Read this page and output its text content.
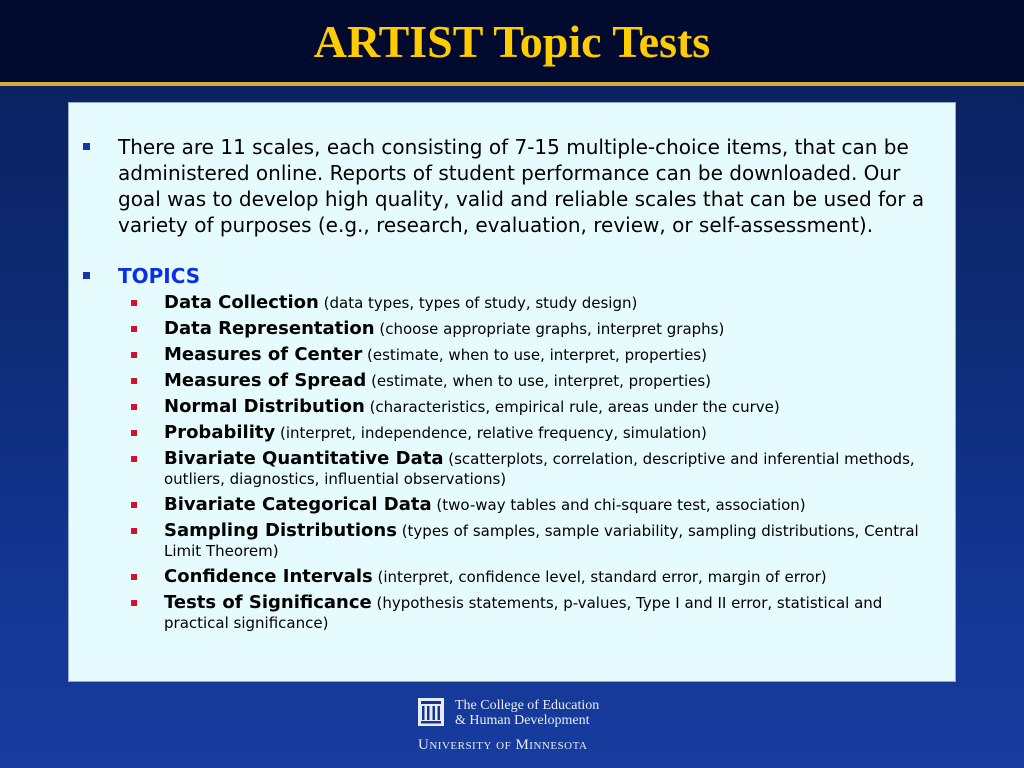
ARTIST Topic Tests
There are 11 scales, each consisting of 7-15 multiple-choice items, that can be administered online. Reports of student performance can be downloaded. Our goal was to develop high quality, valid and reliable scales that can be used for a variety of purposes (e.g., research, evaluation, review, or self-assessment).
TOPICS
Data Collection (data types, types of study, study design)
Data Representation (choose appropriate graphs, interpret graphs)
Measures of Center (estimate, when to use, interpret, properties)
Measures of Spread (estimate, when to use, interpret, properties)
Normal Distribution (characteristics, empirical rule, areas under the curve)
Probability (interpret, independence, relative frequency, simulation)
Bivariate Quantitative Data (scatterplots, correlation, descriptive and inferential methods, outliers, diagnostics, influential observations)
Bivariate Categorical Data (two-way tables and chi-square test, association)
Sampling Distributions (types of samples, sample variability, sampling distributions, Central Limit Theorem)
Confidence Intervals (interpret, confidence level, standard error, margin of error)
Tests of Significance (hypothesis statements, p-values, Type I and II error, statistical and practical significance)
The College of Education
& Human Development
University of Minnesota
